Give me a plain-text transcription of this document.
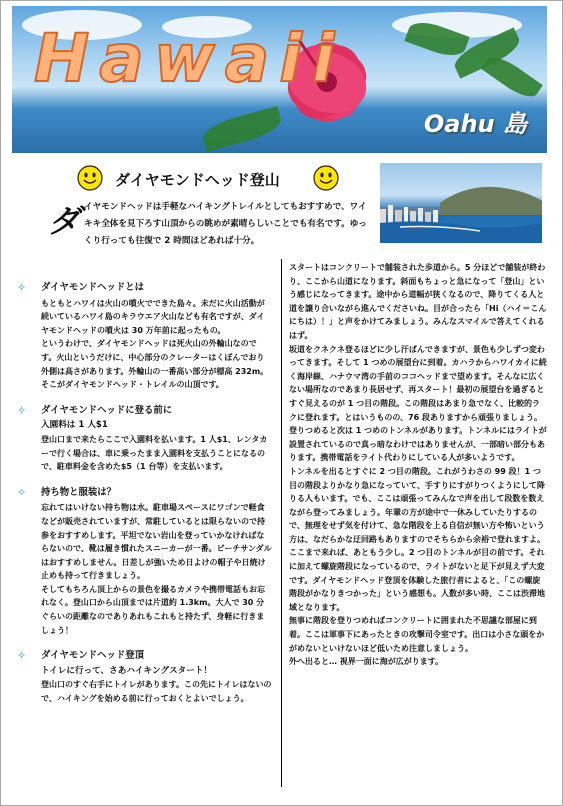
Hawaii
Oahu 島
ダイヤモンドヘッド登山
ダ イヤモンドヘッドは手軽なハイキングトレイルとしてもおすすめで、ワイキキ全体を見下ろす山頂からの眺めが素晴らしいことでも有名です。ゆっくり行っても往復で 2 時間ほどあれば十分。
✧	ダイヤモンドヘッドとは

もともとハワイは火山の噴火でできた島々。未だに火山活動が続いているハワイ島のキラウエア火山なども有名ですが、ダイヤモンドヘッドの噴火は 30 万年前に起ったもの。

というわけで、ダイヤモンドヘッドは死火山の外輪山なのです。火山というだけに、中心部分のクレーターはくぼんでおり外側は高さがあります。外輪山の一番高い部分が標高 232m。そこがダイヤモンドヘッド・トレイルの山頂です。

✧	ダイヤモンドヘッドに登る前に

入園料は 1 人$1

登山口まで来たらここで入園料を払います。1 人$1、レンタカーで行く場合は、車に乗ったまま入園料を支払うことになるので、駐車料金を含めた$5（1 台等）を支払います。

✧	持ち物と服装は？

忘れてはいけない持ち物は水。駐車場スペースにワゴンで軽食などが販売されていますが、常駐しているとは限らないので持参をおすすめします。平坦でない岩山を登っていかなければならないので、靴は履き慣れたスニーカーが一番。ビーチサンダルはおすすめしません。日差しが強いため日よけの帽子や日焼け止めも持って行きましょう。

そしてもちろん頂上からの景色を撮るカメラや携帯電話もお忘れなく。登山口から山頂までは片道約 1.3km。大人で 30 分ぐらいの距離なのでありあれもこれもと持たず、身軽に行きましょう！

✧	ダイヤモンドヘッド登頂

トイレに行って、さあハイキングスタート！

登山口のすぐ右手にトイレがあります。この先にトイレはないので、ハイキングを始める前に行っておくとよいでしょう。

スタートはコンクリートで舗装された歩道から。5 分ほどで舗装が終わり、ここから山道になります。斜面もちょっと急になって「登山」という感じになってきます。途中から道幅が狭くなるので、降りてくる人と道を譲り合いながら進んでくださいね。目が合ったら「Hi（ハイ＝こんにちは）！」と声をかけてみましょう。みんなスマイルで答えてくれるはず。

坂道をクネクネ登るほどに少し汗ばんできますが、景色も少しずつ変わってきます。そして 1 つめの展望台に到着。カハラからハワイカイに続く海岸線、ハナウマ湾の手前のココヘッドまで望めます。そんなに広くない場所なのであまり長居せず、再スタート！最初の展望台を過ぎるとすぐ見えるのが 1 つ目の階段。この階段はあまり急でなく、比較的ラクに登れます。とはいうものの、76 段ありますから頑張りましょう。

登りつめると次は 1 つめのトンネルがあります。トンネルにはライトが設置されているので真っ暗なわけではありませんが、一部暗い部分もあります。携帯電話をライト代わりにしている人が多いようです。

トンネルを出るとすぐに 2 つ目の階段。これがうわさの 99 段！1 つ目の階段よりかなり急になっていて、手すりにすがりつくようにして降りる人もいます。でも、ここは頑張ってみんなで声を出して段数を数えながら登ってみましょう。年輩の方が途中で一休みしていたりするので、無理をせず気を付けて、急な階段を上る自信が無い方や怖いという方は、なだらかな迂回路もありますのでそちらから余裕で登れますよ。

ここまで来れば、あともう少し。2 つ目のトンネルが目の前です。それに加えて螺旋階段になっているので、ライトがないと足下が見えず大変です。ダイヤモンドヘッド登頂を体験した旅行者によると、「この螺旋階段がかなりきつかった」という感想も。人数が多い時、ここは渋滞地域となります。

無事に階段を登りつめればコンクリートに囲まれた不思議な部屋に到着。ここは軍事下にあったときの攻撃司令室です。出口は小さな頭をかがめないといけないほど低いため注意しましょう。

外へ出ると… 視界一面に海が広がります。
